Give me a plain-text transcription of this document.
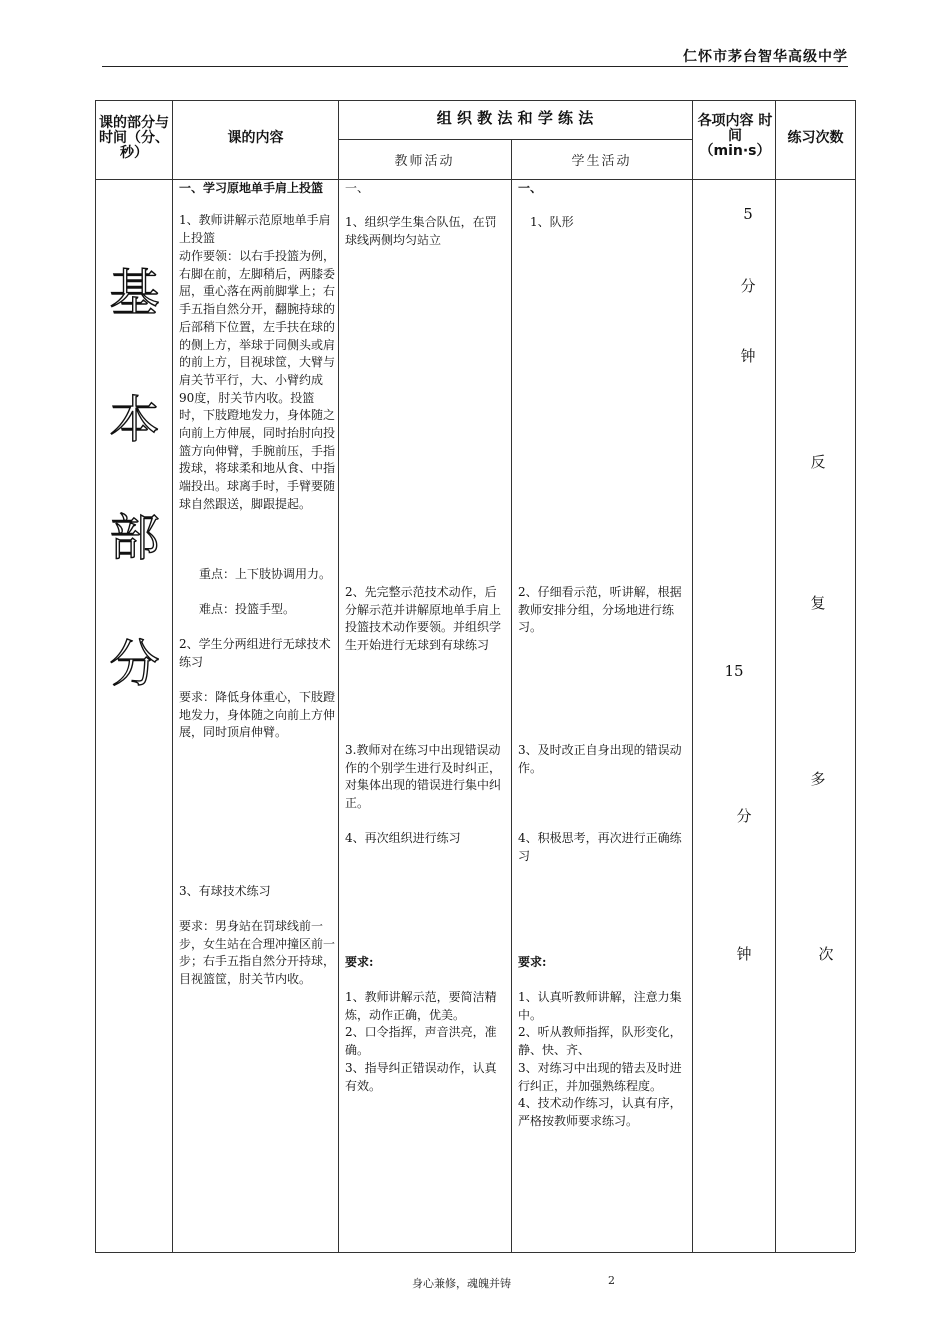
仁怀市茅台智华高级中学
课的部分与时间（分、秒）
课的内容
组 织 教 法 和 学 练 法
教师活动	学生活动
各项内容 时 间 （min·s）
练习次数
基
本
部
分
一、学习原地单手肩上投篮
1、教师讲解示范原地单手肩上投篮
动作要领：以右手投篮为例，右脚在前，左脚稍后，两膝委屈，重心落在两前脚掌上；右手五指自然分开，翻腕持球的后部稍下位置，左手扶在球的的侧上方，举球于同侧头或肩的前上方，目视球筐，大臂与肩关节平行，大、小臂约成90度，肘关节内收。投篮时，下肢蹬地发力，身体随之向前上方伸展，同时抬肘向投篮方向伸臂，手腕前压，手指拨球，将球柔和地从食、中指端投出。球离手时，手臂要随球自然跟送，脚跟提起。
重点：上下肢协调用力。
难点：投篮手型。
2、学生分两组进行无球技术练习
要求：降低身体重心，下肢蹬地发力，身体随之向前上方伸展，同时顶肩伸臂。
3、有球技术练习
要求：男身站在罚球线前一步，女生站在合理冲撞区前一步；右手五指自然分开持球，目视篮筐，肘关节内收。
一、
1、组织学生集合队伍，在罚球线两侧均匀站立
2、先完整示范技术动作，后分解示范并讲解原地单手肩上投篮技术动作要领。并组织学生开始进行无球到有球练习
3.教师对在练习中出现错误动作的个别学生进行及时纠正，对集体出现的错误进行集中纠正。
4、再次组织进行练习
要求:
1、教师讲解示范，要简洁精炼，动作正确，优美。
2、口令指挥，声音洪亮，准确。
3、指导纠正错误动作，认真有效。
一、
1、队形
2、仔细看示范，听讲解，根据教师安排分组，分场地进行练习。
3、及时改正自身出现的错误动作。
4、积极思考，再次进行正确练习
要求:
1、认真听教师讲解，注意力集中。
2、听从教师指挥，队形变化，静、快、齐、
3、对练习中出现的错去及时进行纠正，并加强熟练程度。
4、技术动作练习，认真有序，严格按教师要求练习。
5
分
钟
15
分
钟
反
复
多
次
身心兼修，魂魄并铸	2
